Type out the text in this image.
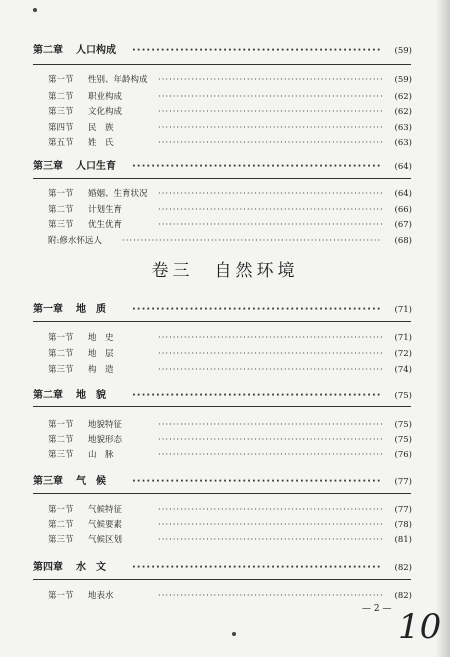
第二章 人口构成 ·····	(59)
第一节 性别、年龄构成 ·····	(59)
第二节 职业构成 ·····	(62)
第三节 文化构成 ·····	(62)
第四节 民　族 ·····	(63)
第五节 姓　氏 ·····	(63)
第三章 人口生育 ·····	(64)
第一节 婚姻、生育状况 ·····	(64)
第二节 计划生育 ·····	(66)
第三节 优生优育 ·····	(67)
附:修水怀远人 ·····	(68)
卷三　自然环境
第一章 地　质 ·····	(71)
第一节 地　史 ·····	(71)
第二节 地　层 ·····	(72)
第三节 构　造 ·····	(74)
第二章 地　貌 ·····	(75)
第一节 地貌特征 ·····	(75)
第二节 地貌形态 ·····	(75)
第三节 山　脉 ·····	(76)
第三章 气　候 ·····	(77)
第一节 气候特征 ·····	(77)
第二节 气候要素 ·····	(78)
第三节 气候区划 ·····	(81)
第四章 水　文 ·····	(82)
第一节 地表水 ·····	(82)
— 2 — 10
